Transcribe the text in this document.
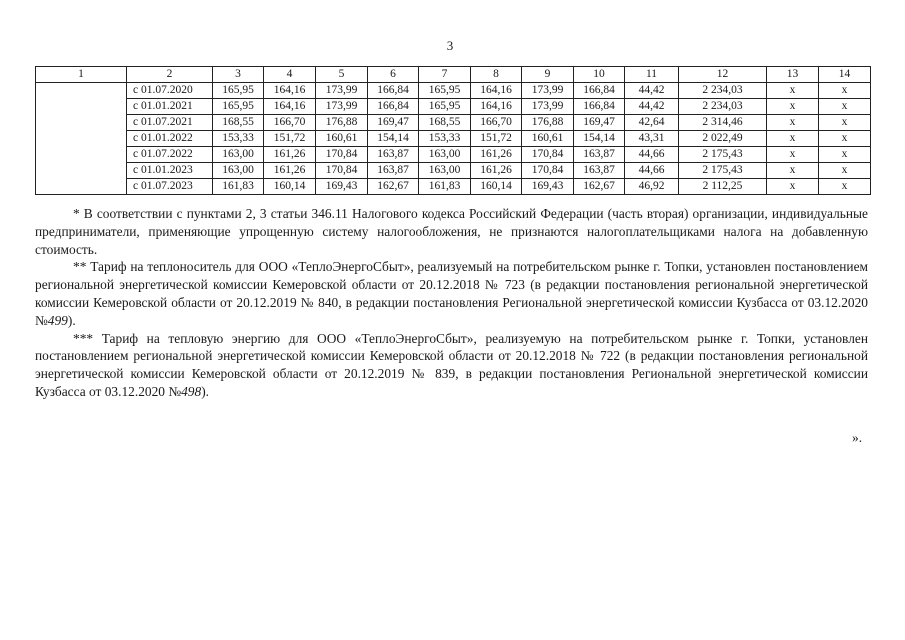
3
1	2	3	4	5	6	7	8	9	10	11	12	13	14
	с 01.07.2020	165,95	164,16	173,99	166,84	165,95	164,16	173,99	166,84	44,42	2 234,03	х	х
	с 01.01.2021	165,95	164,16	173,99	166,84	165,95	164,16	173,99	166,84	44,42	2 234,03	х	х
	с 01.07.2021	168,55	166,70	176,88	169,47	168,55	166,70	176,88	169,47	42,64	2 314,46	х	х
	с 01.01.2022	153,33	151,72	160,61	154,14	153,33	151,72	160,61	154,14	43,31	2 022,49	х	х
	с 01.07.2022	163,00	161,26	170,84	163,87	163,00	161,26	170,84	163,87	44,66	2 175,43	х	х
	с 01.01.2023	163,00	161,26	170,84	163,87	163,00	161,26	170,84	163,87	44,66	2 175,43	х	х
	с 01.07.2023	161,83	160,14	169,43	162,67	161,83	160,14	169,43	162,67	46,92	2 112,25	х	х

* В соответствии с пунктами 2, 3 статьи 346.11 Налогового кодекса Российский Федерации (часть вторая) организации, индивидуальные предприниматели, применяющие упрощенную систему налогообложения, не признаются налогоплательщиками налога на добавленную стоимость.

** Тариф на теплоноситель для ООО «ТеплоЭнергоСбыт», реализуемый на потребительском рынке г. Топки, установлен постановлением региональной энергетической комиссии Кемеровской области от 20.12.2018 № 723 (в редакции постановления региональной энергетической комиссии Кемеровской области от 20.12.2019 № 840, в редакции постановления Региональной энергетической комиссии Кузбасса от 03.12.2020 №499).

*** Тариф на тепловую энергию для ООО «ТеплоЭнергоСбыт», реализуемую на потребительском рынке г. Топки, установлен постановлением региональной энергетической комиссии Кемеровской области от 20.12.2018 № 722 (в редакции постановления региональной энергетической комиссии Кемеровской области от 20.12.2019 № 839, в редакции постановления Региональной энергетической комиссии Кузбасса от 03.12.2020 №498).

».
